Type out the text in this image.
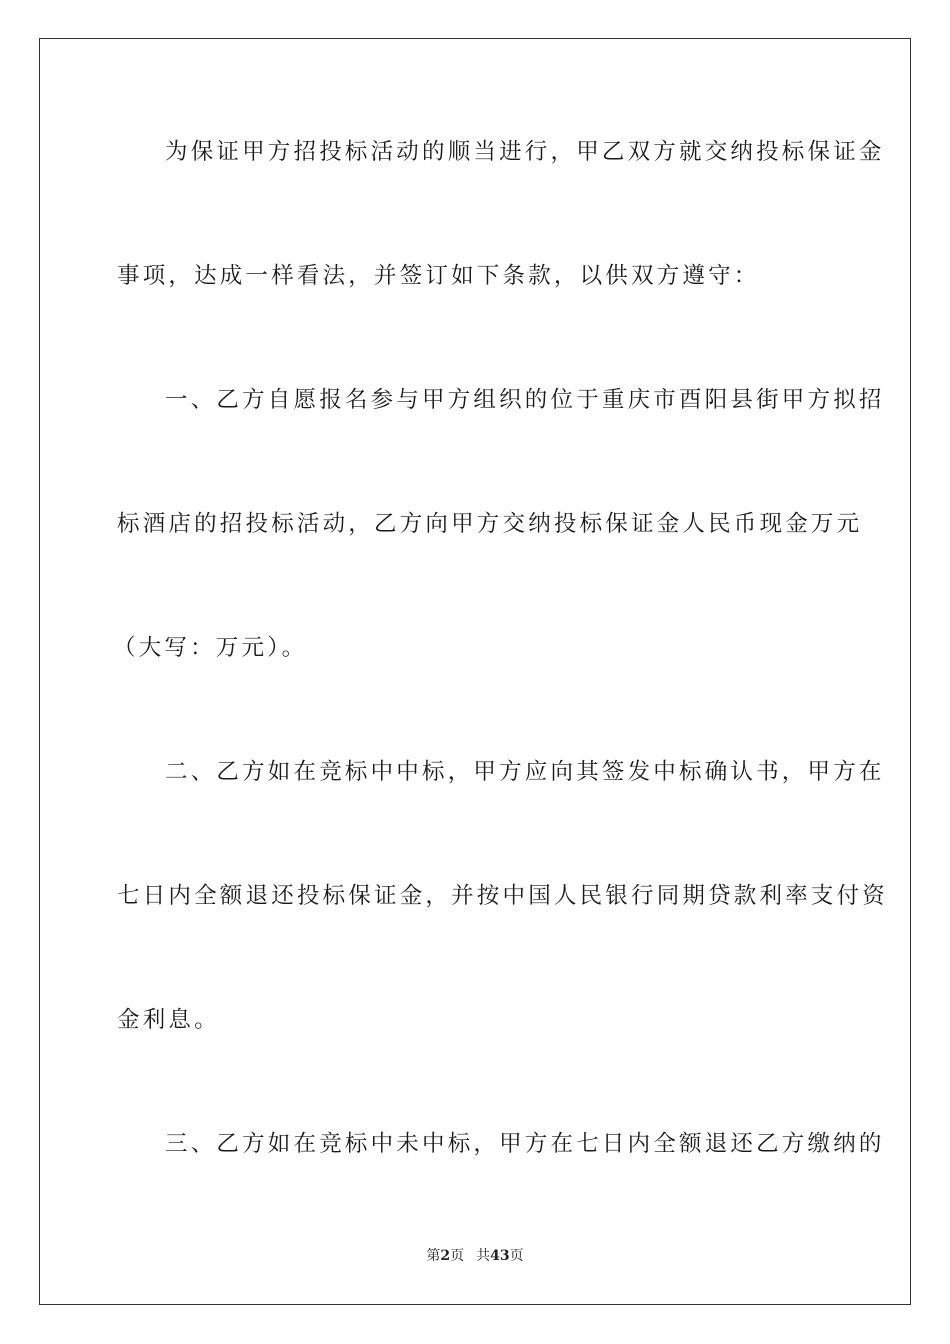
为保证甲方招投标活动的顺当进行，甲乙双方就交纳投标保证金
事项，达成一样看法，并签订如下条款，以供双方遵守：
一、乙方自愿报名参与甲方组织的位于重庆市酉阳县街甲方拟招
标酒店的招投标活动，乙方向甲方交纳投标保证金人民币现金万元
（大写：万元）。
二、乙方如在竞标中中标，甲方应向其签发中标确认书，甲方在
七日内全额退还投标保证金，并按中国人民银行同期贷款利率支付资
金利息。
三、乙方如在竞标中未中标，甲方在七日内全额退还乙方缴纳的
第2页 共43页
